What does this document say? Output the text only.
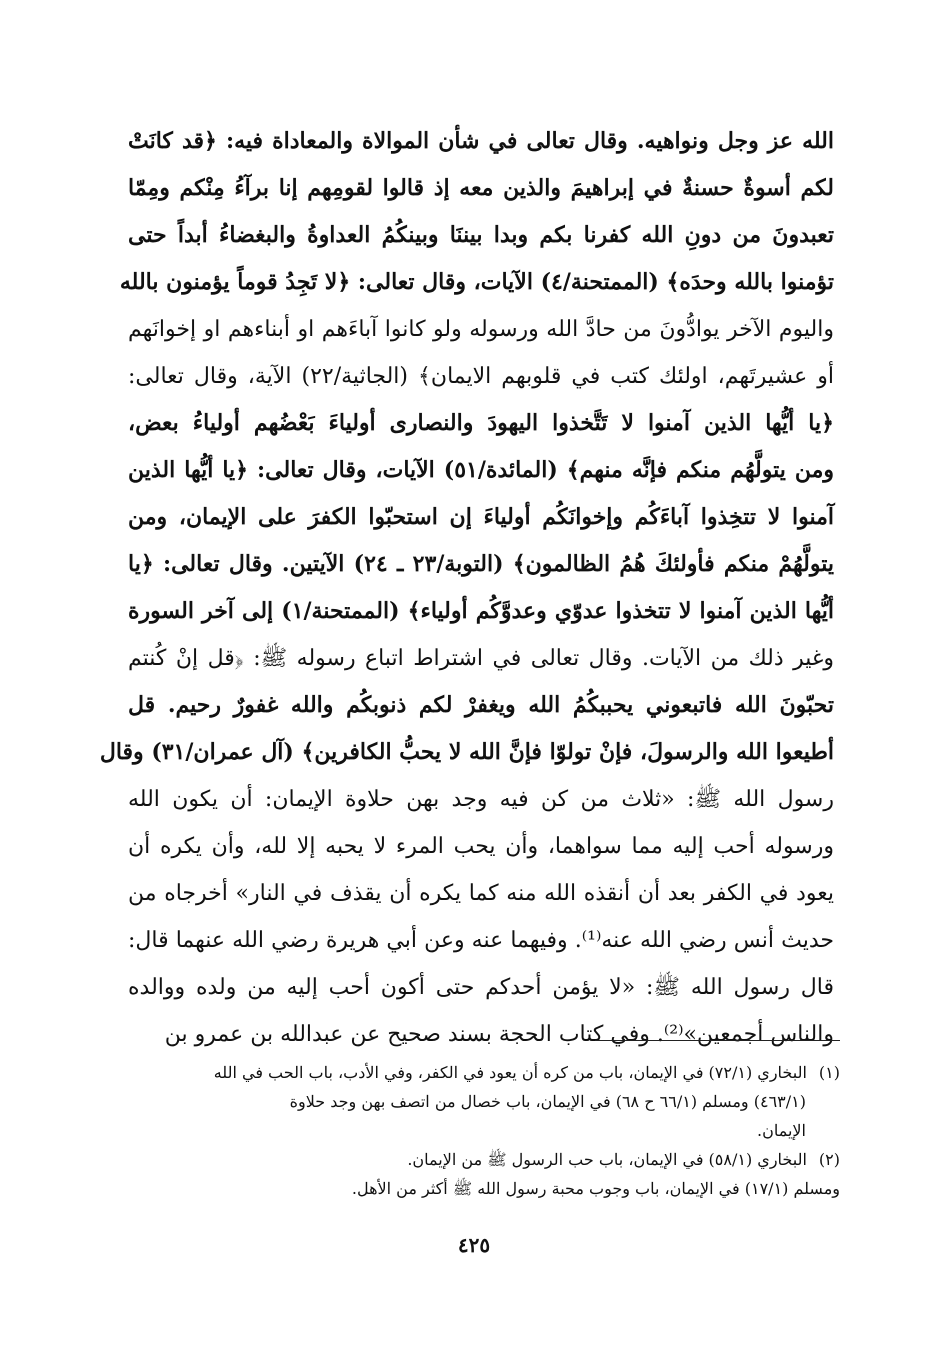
الله عز وجل ونواهيه. وقال تعالى في شأن الموالاة والمعاداة فيه: ﴿قد كانَتْ
لكم أسوةٌ حسنةٌ في إبراهيمَ والذين معه إذ قالوا لقومِهم إنا برآءُ مِنْكم ومِمّا
تعبدونَ من دونِ الله كفرنا بكم وبدا بيننَا وبينكُمُ العداوةُ والبغضاءُ أبداً حتى
تؤمنوا بالله وحدَه﴾ (الممتحنة/٤) الآيات، وقال تعالى: ﴿لا تَجِدُ قوماً يؤمنون بالله
واليوم الآخر يوادُّونَ من حادَّ الله ورسوله ولو كانوا آباءَهم او أبناءهم او إخوانَهم
أو عشيرتَهم، اولئك كتب في قلوبهم الايمان﴾ (الجاثية/٢٢) الآية، وقال تعالى:
﴿يا أيُّها الذين آمنوا لا تَتَّخذوا اليهودَ والنصارى أولياءَ بَعْضُهم أولياءُ بعض،
ومن يتولَّهُم منكم فإنَّه منهم﴾ (المائدة/٥١) الآيات، وقال تعالى: ﴿يا أيُّها الذين
آمنوا لا تتخِذوا آباءَكُم وإخوانَكُم أولياءَ إن استحبّوا الكفرَ على الإيمان، ومن
يتولَّهُمْ منكم فأولئكَ هُمُ الظالمون﴾ (التوبة/٢٣ ـ ٢٤) الآيتين. وقال تعالى: ﴿يا
أيُّها الذين آمنوا لا تتخذوا عدوّي وعدوَّكُم أولياء﴾ (الممتحنة/١) إلى آخر السورة
وغير ذلك من الآيات. وقال تعالى في اشتراط اتباع رسوله ﷺ: ﴿قل إنْ كُنتم
تحبّونَ الله فاتبعوني يحببكُمُ الله ويغفرْ لكم ذنوبكُم والله غفورٌ رحيم. قل
أطيعوا الله والرسولَ، فإنْ تولوّا فإنَّ الله لا يحبُّ الكافرين﴾ (آل عمران/٣١) وقال
رسول الله ﷺ: «ثلاث من كن فيه وجد بهن حلاوة الإيمان: أن يكون الله
ورسوله أحب إليه مما سواهما، وأن يحب المرء لا يحبه إلا لله، وأن يكره أن
يعود في الكفر بعد أن أنقذه الله منه كما يكره أن يقذف في النار» أخرجاه من
حديث أنس رضي الله عنه⁽¹⁾. وفيهما عنه وعن أبي هريرة رضي الله عنهما قال:
قال رسول الله ﷺ: «لا يؤمن أحدكم حتى أكون أحب إليه من ولده ووالده
والناس أجمعين»⁽²⁾. وفي كتاب الحجة بسند صحيح عن عبدالله بن عمرو بن
(١) البخاري (٧٢/١) في الإيمان، باب من كره أن يعود في الكفر، وفي الأدب، باب الحب في الله
(٤٦٣/١) ومسلم (٦٦/١ ح ٦٨) في الإيمان، باب خصال من اتصف بهن وجد حلاوة
الإيمان.
(٢) البخاري (٥٨/١) في الإيمان، باب حب الرسول ﷺ من الإيمان.
ومسلم (١٧/١) في الإيمان، باب وجوب محبة رسول الله ﷺ أكثر من الأهل.
٤٢٥
